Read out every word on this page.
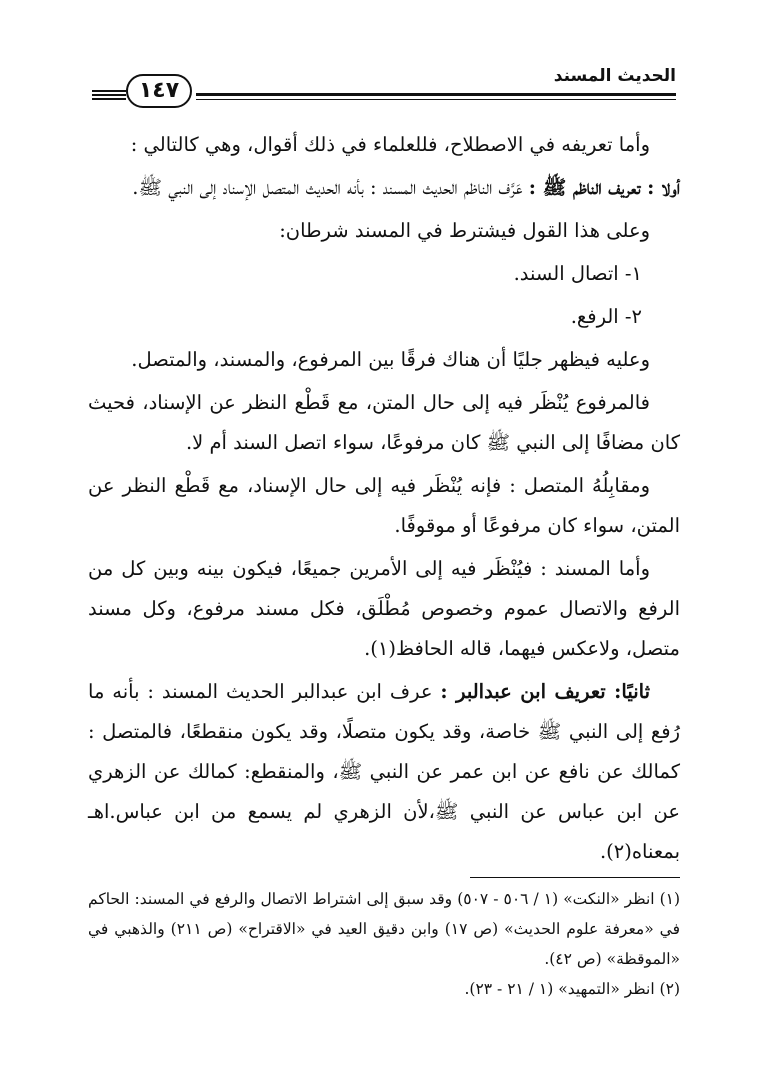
١٤٧
الحديث المسند

وأما تعريفه في الاصطلاح، فللعلماء في ذلك أقوال، وهي كالتالي :

أولا : تعريف الناظم ﷺ : عَرَّف الناظم الحديث المسند : بأنه الحديث المتصل الإسناد إلى النبي ﷺ.

وعلى هذا القول فيشترط في المسند شرطان:

١- اتصال السند.

٢- الرفع.

وعليه فيظهر جليًا أن هناك فرقًا بين المرفوع، والمسند، والمتصل.

فالمرفوع يُنْظَر فيه إلى حال المتن، مع قَطْع النظر عن الإسناد، فحيث كان مضافًا إلى النبي ﷺ كان مرفوعًا، سواء اتصل السند أم لا.

ومقابِلُهُ المتصل : فإنه يُنْظَر فيه إلى حال الإسناد، مع قَطْع النظر عن المتن، سواء كان مرفوعًا أو موقوفًا.

وأما المسند : فيُنْظَر فيه إلى الأمرين جميعًا، فيكون بينه وبين كل من الرفع والاتصال عموم وخصوص مُطْلَق، فكل مسند مرفوع، وكل مسند متصل، ولاعكس فيهما، قاله الحافظ(١).

ثانيًا: تعريف ابن عبدالبر : عرف ابن عبدالبر الحديث المسند : بأنه ما رُفع إلى النبي ﷺ خاصة، وقد يكون متصلًا، وقد يكون منقطعًا، فالمتصل : كمالك عن نافع عن ابن عمر عن النبي ﷺ، والمنقطع: كمالك عن الزهري عن ابن عباس عن النبي ﷺ،لأن الزهري لم يسمع من ابن عباس.اهـ بمعناه(٢).

(١) انظر «النكت» (١ / ٥٠٦ - ٥٠٧) وقد سبق إلى اشتراط الاتصال والرفع في المسند: الحاكم في «معرفة علوم الحديث» (ص ١٧) وابن دقيق العيد في «الاقتراح» (ص ٢١١) والذهبي في «الموقظة» (ص ٤٢).

(٢) انظر «التمهيد» (١ / ٢١ - ٢٣).
